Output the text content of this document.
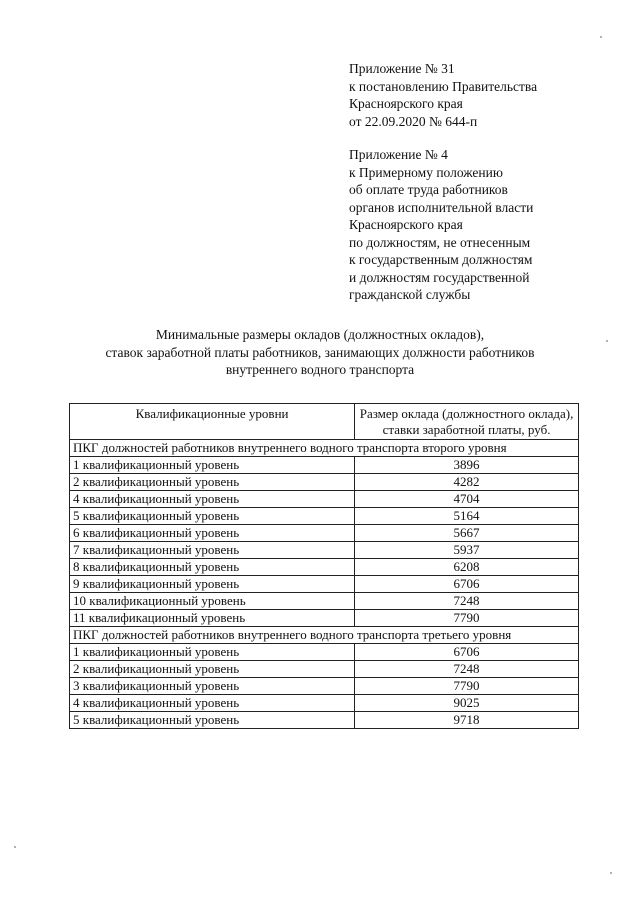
Приложение № 31
к постановлению Правительства
Красноярского края
от 22.09.2020 № 644-п
Приложение № 4
к Примерному положению
об оплате труда работников
органов исполнительной власти
Красноярского края
по должностям, не отнесенным
к государственным должностям
и должностям государственной
гражданской службы
Минимальные размеры окладов (должностных окладов),
ставок заработной платы работников, занимающих должности работников
внутреннего водного транспорта
Квалификационные уровни	Размер оклада (должностного оклада), ставки заработной платы, руб.
ПКГ должностей работников внутреннего водного транспорта второго уровня	
1 квалификационный уровень	3896
2 квалификационный уровень	4282
4 квалификационный уровень	4704
5 квалификационный уровень	5164
6 квалификационный уровень	5667
7 квалификационный уровень	5937
8 квалификационный уровень	6208
9 квалификационный уровень	6706
10 квалификационный уровень	7248
11 квалификационный уровень	7790
ПКГ должностей работников внутреннего водного транспорта третьего уровня	
1 квалификационный уровень	6706
2 квалификационный уровень	7248
3 квалификационный уровень	7790
4 квалификационный уровень	9025
5 квалификационный уровень	9718
